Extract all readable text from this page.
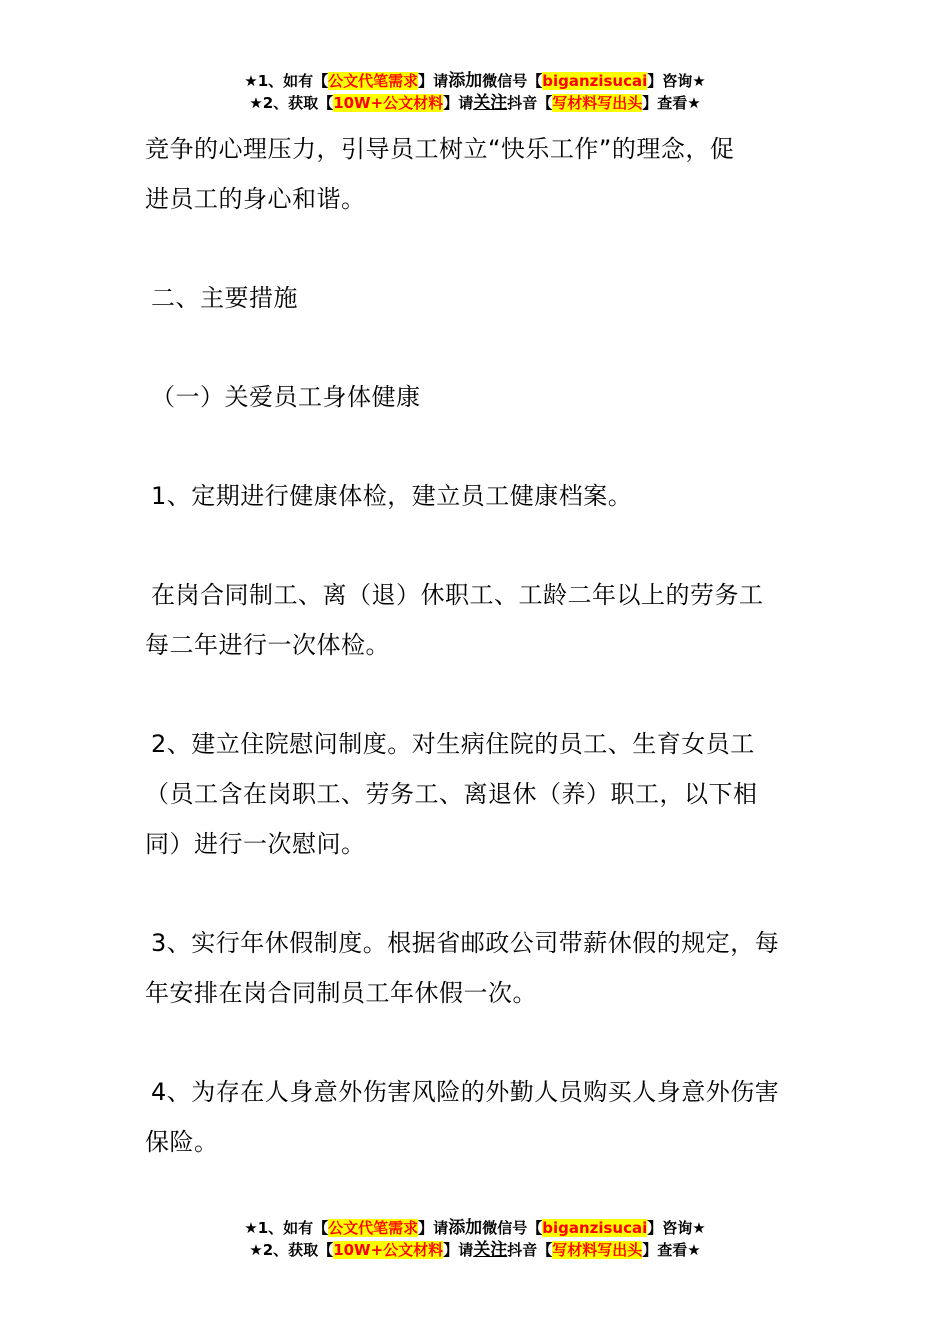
★1、如有【公文代笔需求】请添加微信号【biganzisucai】咨询★
★2、获取【10W+公文材料】请关注抖音【写材料写出头】查看★

竞争的心理压力，引导员工树立“快乐工作”的理念，促
进员工的身心和谐。

二、主要措施

（一）关爱员工身体健康

1、定期进行健康体检，建立员工健康档案。

在岗合同制工、离（退）休职工、工龄二年以上的劳务工
每二年进行一次体检。

2、建立住院慰问制度。对生病住院的员工、生育女员工
（员工含在岗职工、劳务工、离退休（养）职工，以下相
同）进行一次慰问。

3、实行年休假制度。根据省邮政公司带薪休假的规定，每
年安排在岗合同制员工年休假一次。

4、为存在人身意外伤害风险的外勤人员购买人身意外伤害
保险。

★1、如有【公文代笔需求】请添加微信号【biganzisucai】咨询★
★2、获取【10W+公文材料】请关注抖音【写材料写出头】查看★
